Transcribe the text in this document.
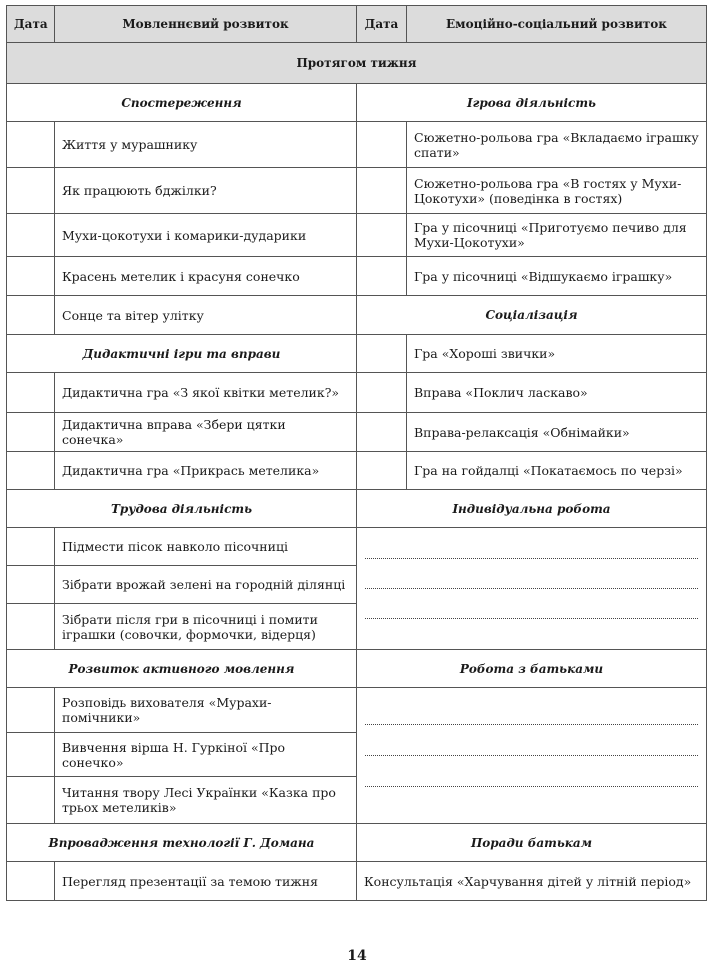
Дата	Мовленнєвий розвиток	Дата	Емоційно-соціальний розвиток
Протягом тижня			
Спостереження		Ігрова діяльність	
	Життя у мурашнику		Сюжетно-рольова гра «Вкладаємо іграшку спати»
	Як працюють бджілки?		Сюжетно-рольова гра «В гостях у Мухи-Цокотухи» (поведінка в гостях)
	Мухи-цокотухи і комарики-дударики		Гра у пісочниці «Приготуємо печиво для Мухи-Цокотухи»
	Красень метелик і красуня сонечко		Гра у пісочниці «Відшукаємо іграшку»
	Сонце та вітер улітку	Соціалізація	
Дидактичні ігри та вправи			Гра «Хороші звички»
	Дидактична гра «З якої квітки метелик?»		Вправа «Поклич ласкаво»
	Дидактична вправа «Збери цятки сонечка»		Вправа-релаксація «Обнімайки»
	Дидактична гра «Прикрась метелика»		Гра на гойдалці «Покатаємось по черзі»
Трудова діяльність		Індивідуальна робота	
	Підмести пісок навколо пісочниці		

	Зібрати врожай зелені на городній ділянці		
	Зібрати після гри в пісочниці і помити іграшки (совочки, формочки, відерця)		
Розвиток активного мовлення		Робота з батьками	
	Розповідь вихователя «Мурахи-помічники»		

	Вивчення вірша Н. Гуркіної «Про сонечко»		
	Читання твору Лесі Українки «Казка про трьох метеликів»		
Впровадження технології Г. Домана		Поради батькам	
	Перегляд презентації за темою тижня	Консультація «Харчування дітей у літній період»	
14
